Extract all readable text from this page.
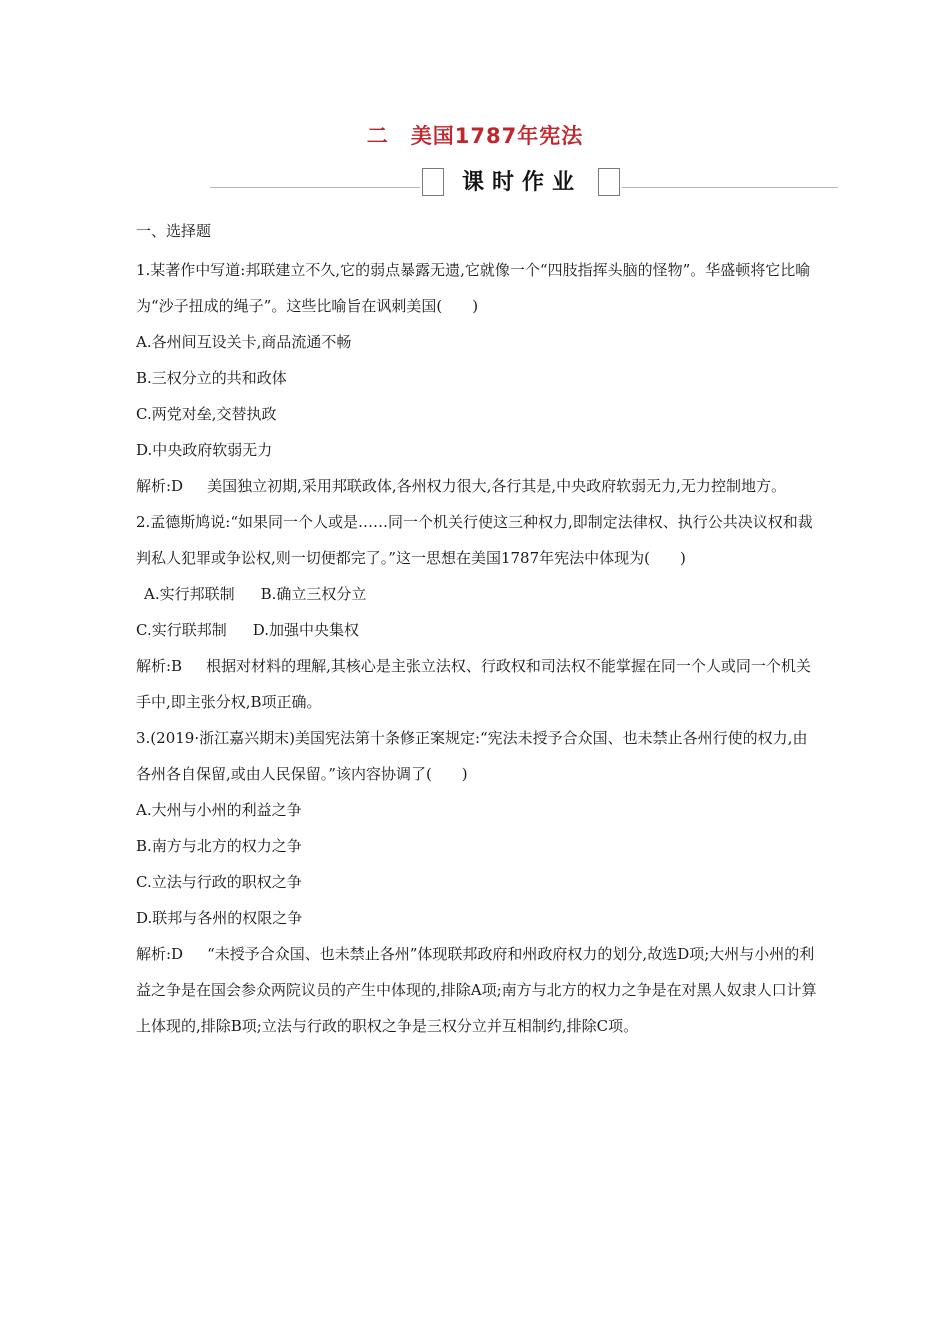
二 美国1787年宪法
课时作业

一、选择题

1.某著作中写道:邦联建立不久,它的弱点暴露无遗,它就像一个“四肢指挥头脑的怪物”。华盛顿将它比喻为“沙子扭成的绳子”。这些比喻旨在讽刺美国(　　)

A.各州间互设关卡,商品流通不畅

B.三权分立的共和政体

C.两党对垒,交替执政

D.中央政府软弱无力

解析:D 美国独立初期,采用邦联政体,各州权力很大,各行其是,中央政府软弱无力,无力控制地方。

2.孟德斯鸠说:“如果同一个人或是……同一个机关行使这三种权力,即制定法律权、执行公共决议权和裁判私人犯罪或争讼权,则一切便都完了。”这一思想在美国1787年宪法中体现为(　　)

A.实行邦联制 B.确立三权分立

C.实行联邦制 D.加强中央集权

解析:B 根据对材料的理解,其核心是主张立法权、行政权和司法权不能掌握在同一个人或同一个机关手中,即主张分权,B项正确。

3.(2019·浙江嘉兴期末)美国宪法第十条修正案规定:“宪法未授予合众国、也未禁止各州行使的权力,由各州各自保留,或由人民保留。”该内容协调了(　　)

A.大州与小州的利益之争

B.南方与北方的权力之争

C.立法与行政的职权之争

D.联邦与各州的权限之争

解析:D “未授予合众国、也未禁止各州”体现联邦政府和州政府权力的划分,故选D项;大州与小州的利益之争是在国会参众两院议员的产生中体现的,排除A项;南方与北方的权力之争是在对黑人奴隶人口计算上体现的,排除B项;立法与行政的职权之争是三权分立并互相制约,排除C项。
